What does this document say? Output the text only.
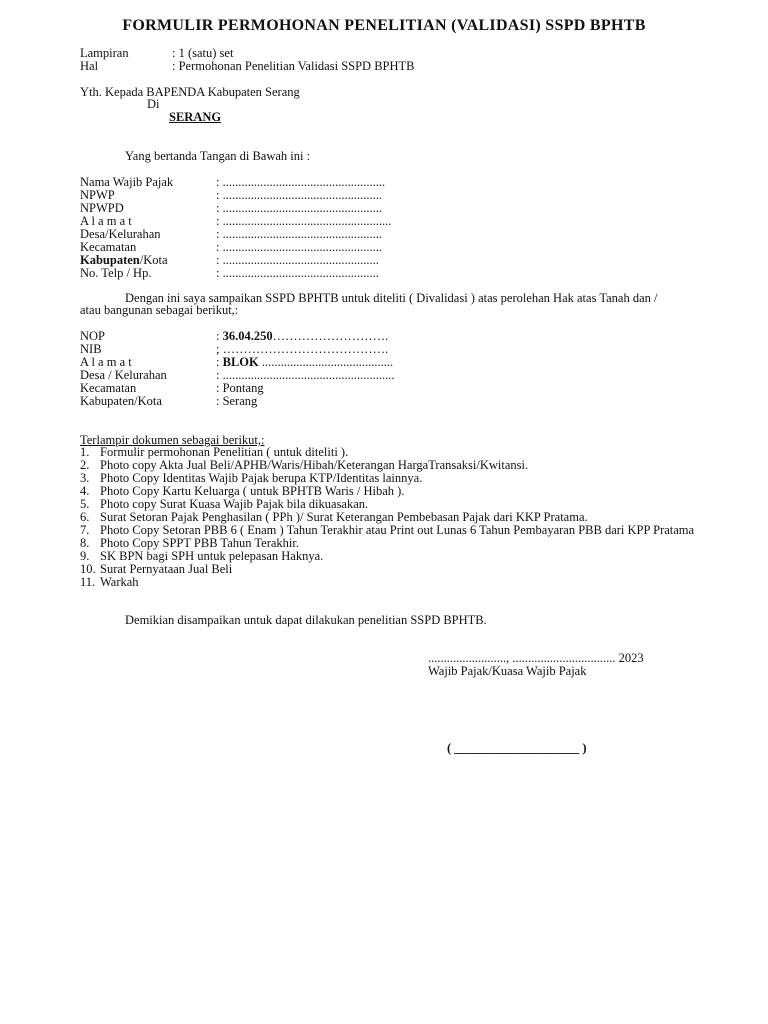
FORMULIR PERMOHONAN PENELITIAN (VALIDASI) SSPD BPHTB
Lampiran	: 1 (satu) set
Hal	: Permohonan Penelitian Validasi SSPD BPHTB
Yth. Kepada BAPENDA Kabupaten Serang
Di
SERANG
Yang bertanda Tangan di Bawah ini :
Nama Wajib Pajak	: ....................................................
NPWP	: ...................................................
NPWPD	: ...................................................
A l a m a t	: ......................................................
Desa/Kelurahan	: ...................................................
Kecamatan	: ...................................................
Kabupaten/Kota	: ..................................................
No. Telp / Hp.	: ..................................................
Dengan ini saya sampaikan SSPD BPHTB untuk diteliti ( Divalidasi ) atas perolehan Hak atas Tanah dan /
atau bangunan sebagai berikut,:
NOP	: 36.04.250……………………….
NIB	; ………………………………….
A l a m a t	: BLOK ..........................................
Desa / Kelurahan	: .......................................................
Kecamatan	: Pontang
Kabupaten/Kota	: Serang
Terlampir dokumen sebagai berikut,:
1. Formulir permohonan Penelitian ( untuk diteliti ).
2. Photo copy Akta Jual Beli/APHB/Waris/Hibah/Keterangan HargaTransaksi/Kwitansi.
3. Photo Copy Identitas Wajib Pajak berupa KTP/Identitas lainnya.
4. Photo Copy Kartu Keluarga ( untuk BPHTB Waris / Hibah ).
5. Photo copy Surat Kuasa Wajib Pajak bila dikuasakan.
6. Surat Setoran Pajak Penghasilan ( PPh )/ Surat Keterangan Pembebasan Pajak dari KKP Pratama.
7. Photo Copy Setoran PBB 6 ( Enam ) Tahun Terakhir atau Print out Lunas 6 Tahun Pembayaran PBB dari KPP Pratama
8. Photo Copy SPPT PBB Tahun Terakhir.
9. SK BPN bagi SPH untuk pelepasan Haknya.
10. Surat Pernyataan Jual Beli
11. Warkah
Demikian disampaikan untuk dapat dilakukan penelitian SSPD BPHTB.
........................., ................................. 2023
Wajib Pajak/Kuasa Wajib Pajak
( ____________________ )
